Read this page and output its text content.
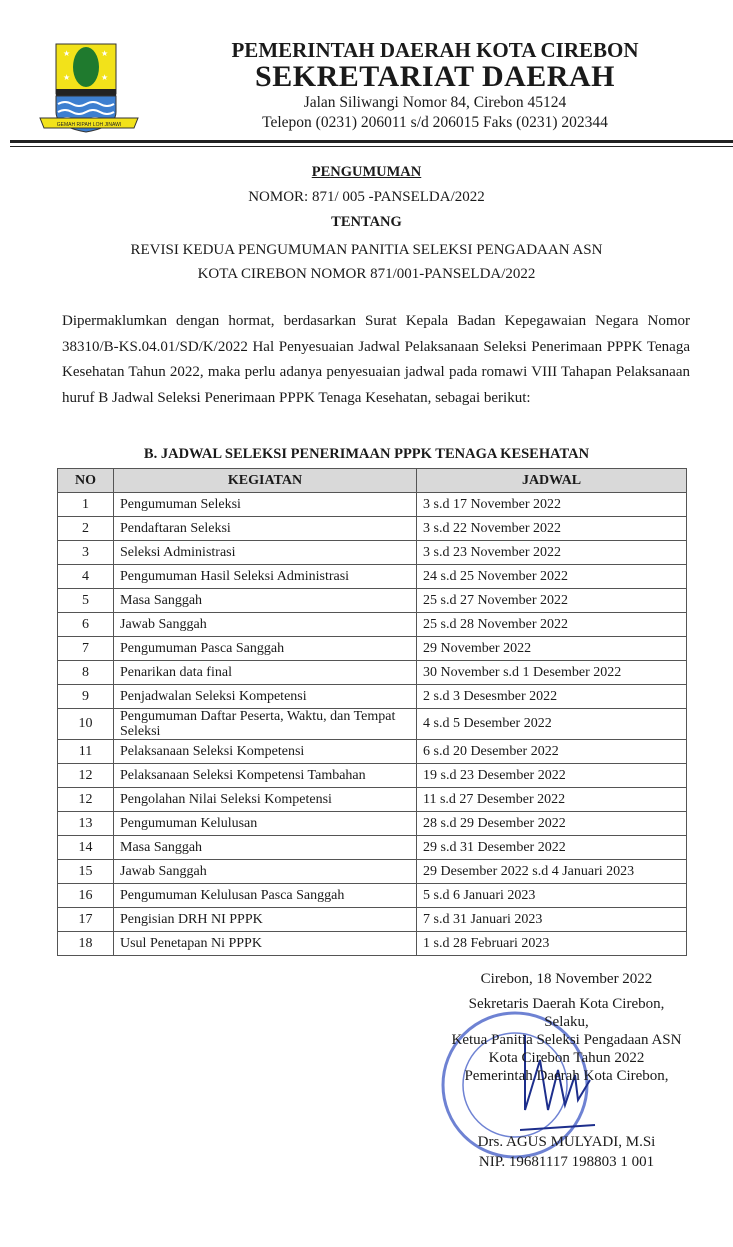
★	★
★	★
GEMAH RIPAH LOH JINAWI
PEMERINTAH DAERAH KOTA CIREBON
SEKRETARIAT DAERAH
Jalan Siliwangi Nomor 84, Cirebon 45124
Telepon (0231) 206011 s/d 206015 Faks (0231) 202344
PENGUMUMAN
NOMOR: 871/ 005 -PANSELDA/2022
TENTANG
REVISI KEDUA PENGUMUMAN PANITIA SELEKSI PENGADAAN ASN
KOTA CIREBON NOMOR 871/001-PANSELDA/2022
Dipermaklumkan dengan hormat, berdasarkan Surat Kepala Badan Kepegawaian Negara Nomor 38310/B-KS.04.01/SD/K/2022 Hal Penyesuaian Jadwal Pelaksanaan Seleksi Penerimaan PPPK Tenaga Kesehatan Tahun 2022, maka perlu adanya penyesuaian jadwal pada romawi VIII Tahapan Pelaksanaan huruf B Jadwal Seleksi Penerimaan PPPK Tenaga Kesehatan, sebagai berikut:
B. JADWAL SELEKSI PENERIMAAN PPPK TENAGA KESEHATAN
NO	KEGIATAN	JADWAL
1	Pengumuman Seleksi	3 s.d 17 November 2022
2	Pendaftaran Seleksi	3 s.d 22 November 2022
3	Seleksi Administrasi	3 s.d 23 November 2022
4	Pengumuman Hasil Seleksi Administrasi	24 s.d 25 November 2022
5	Masa Sanggah	25 s.d 27 November 2022
6	Jawab Sanggah	25 s.d 28 November 2022
7	Pengumuman Pasca Sanggah	29 November 2022
8	Penarikan data final	30 November s.d 1 Desember 2022
9	Penjadwalan Seleksi Kompetensi	2 s.d 3 Desesmber 2022
10	Pengumuman Daftar Peserta, Waktu, dan Tempat Seleksi	4 s.d 5 Desember 2022
11	Pelaksanaan Seleksi Kompetensi	6 s.d 20 Desember 2022
12	Pelaksanaan Seleksi Kompetensi Tambahan	19 s.d 23 Desember 2022
12	Pengolahan Nilai Seleksi Kompetensi	11 s.d 27 Desember 2022
13	Pengumuman Kelulusan	28 s.d 29 Desember 2022
14	Masa Sanggah	29 s.d 31 Desember 2022
15	Jawab Sanggah	29 Desember 2022 s.d 4 Januari 2023
16	Pengumuman Kelulusan Pasca Sanggah	5 s.d 6 Januari 2023
17	Pengisian DRH NI PPPK	7 s.d 31 Januari 2023
18	Usul Penetapan Ni PPPK	1 s.d 28 Februari 2023
Cirebon, 18 November 2022
Sekretaris Daerah Kota Cirebon,
Selaku,
Ketua Panitia Seleksi Pengadaan ASN
Kota Cirebon Tahun 2022
Pemerintah Daerah Kota Cirebon,
Drs. AGUS MULYADI, M.Si
NIP. 19681117 198803 1 001
